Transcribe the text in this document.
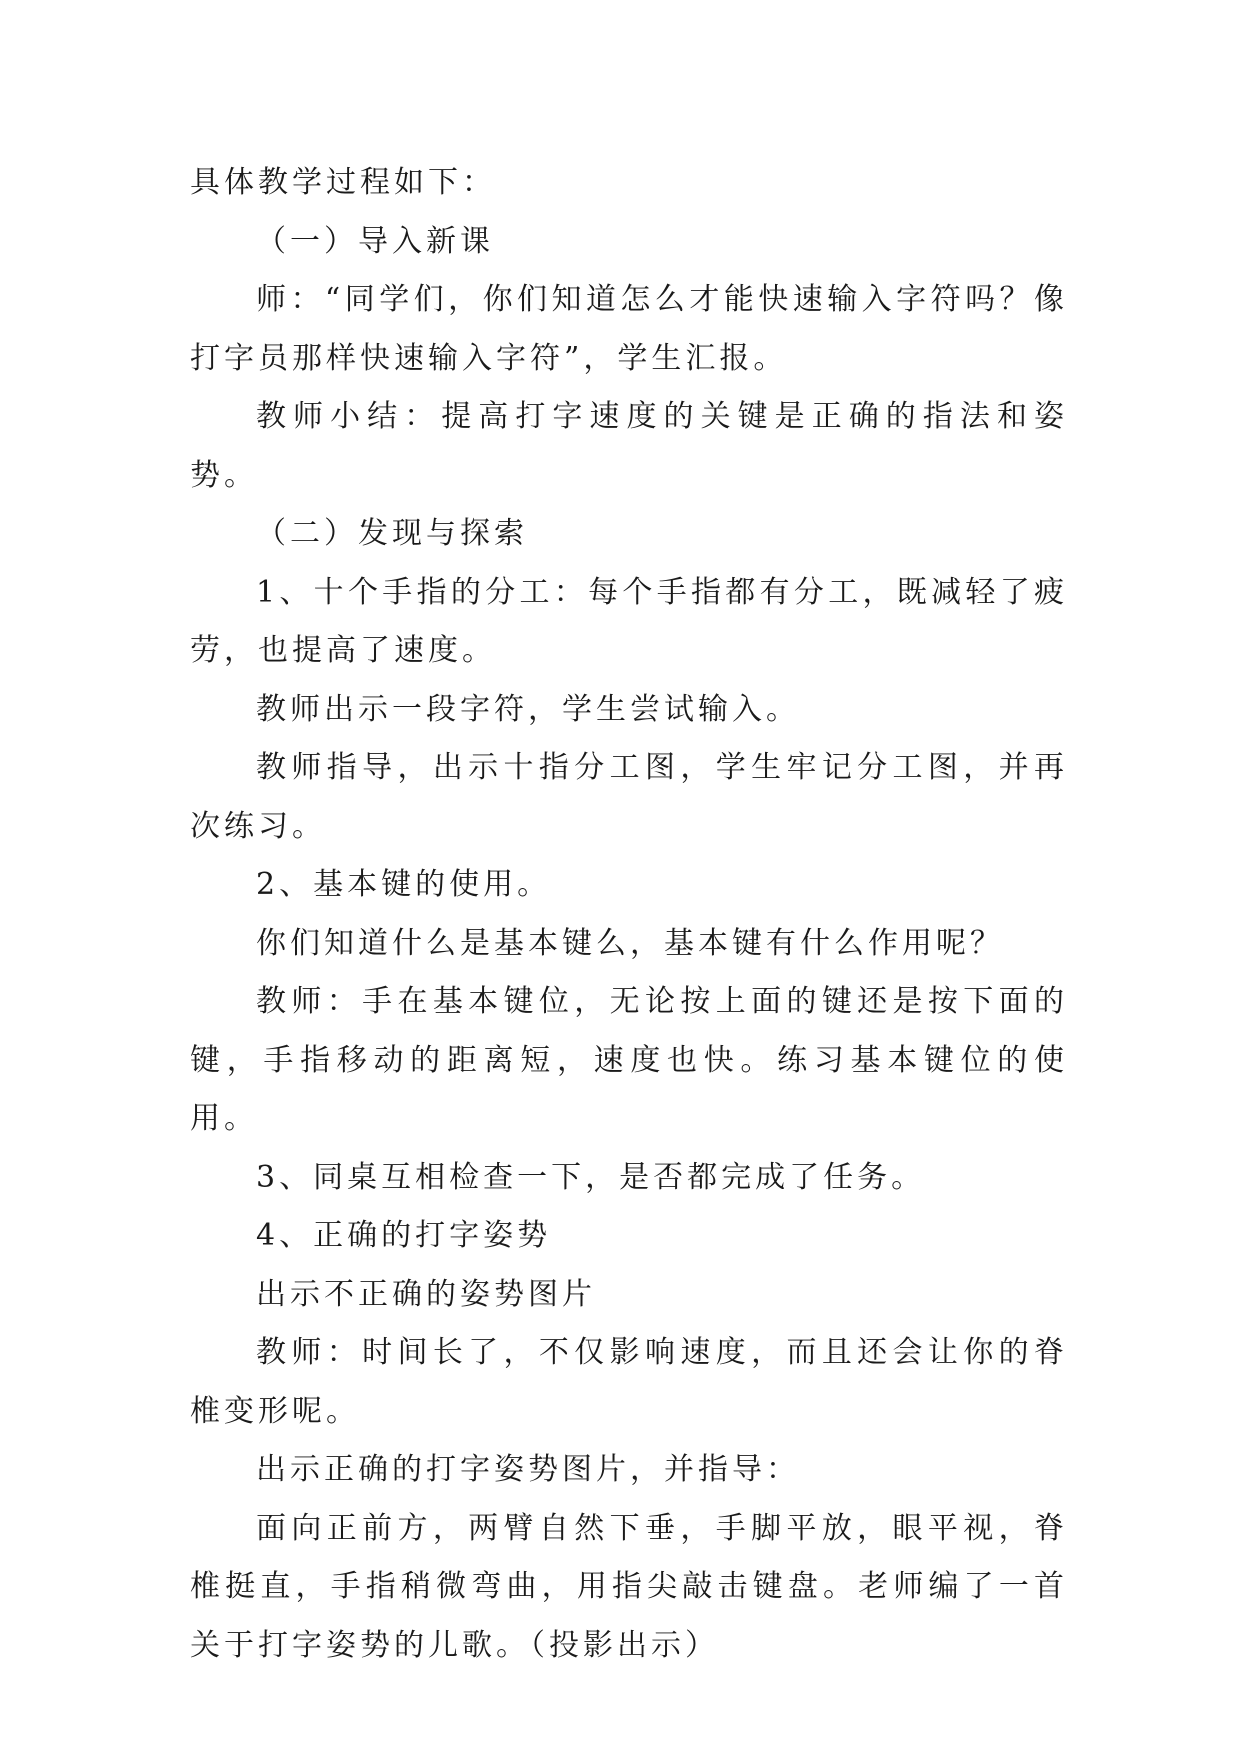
具体教学过程如下：

（一）导入新课

师：“同学们，你们知道怎么才能快速输入字符吗？像打字员那样快速输入字符”，学生汇报。

教师小结：提高打字速度的关键是正确的指法和姿势。

（二）发现与探索

1、十个手指的分工：每个手指都有分工，既减轻了疲劳，也提高了速度。

教师出示一段字符，学生尝试输入。

教师指导，出示十指分工图，学生牢记分工图，并再次练习。

2、基本键的使用。

你们知道什么是基本键么，基本键有什么作用呢？

教师：手在基本键位，无论按上面的键还是按下面的键，手指移动的距离短，速度也快。练习基本键位的使用。

3、同桌互相检查一下，是否都完成了任务。

4、正确的打字姿势

出示不正确的姿势图片

教师：时间长了，不仅影响速度，而且还会让你的脊椎变形呢。

出示正确的打字姿势图片，并指导：

面向正前方，两臂自然下垂，手脚平放，眼平视，脊椎挺直，手指稍微弯曲，用指尖敲击键盘。老师编了一首关于打字姿势的儿歌。（投影出示）
